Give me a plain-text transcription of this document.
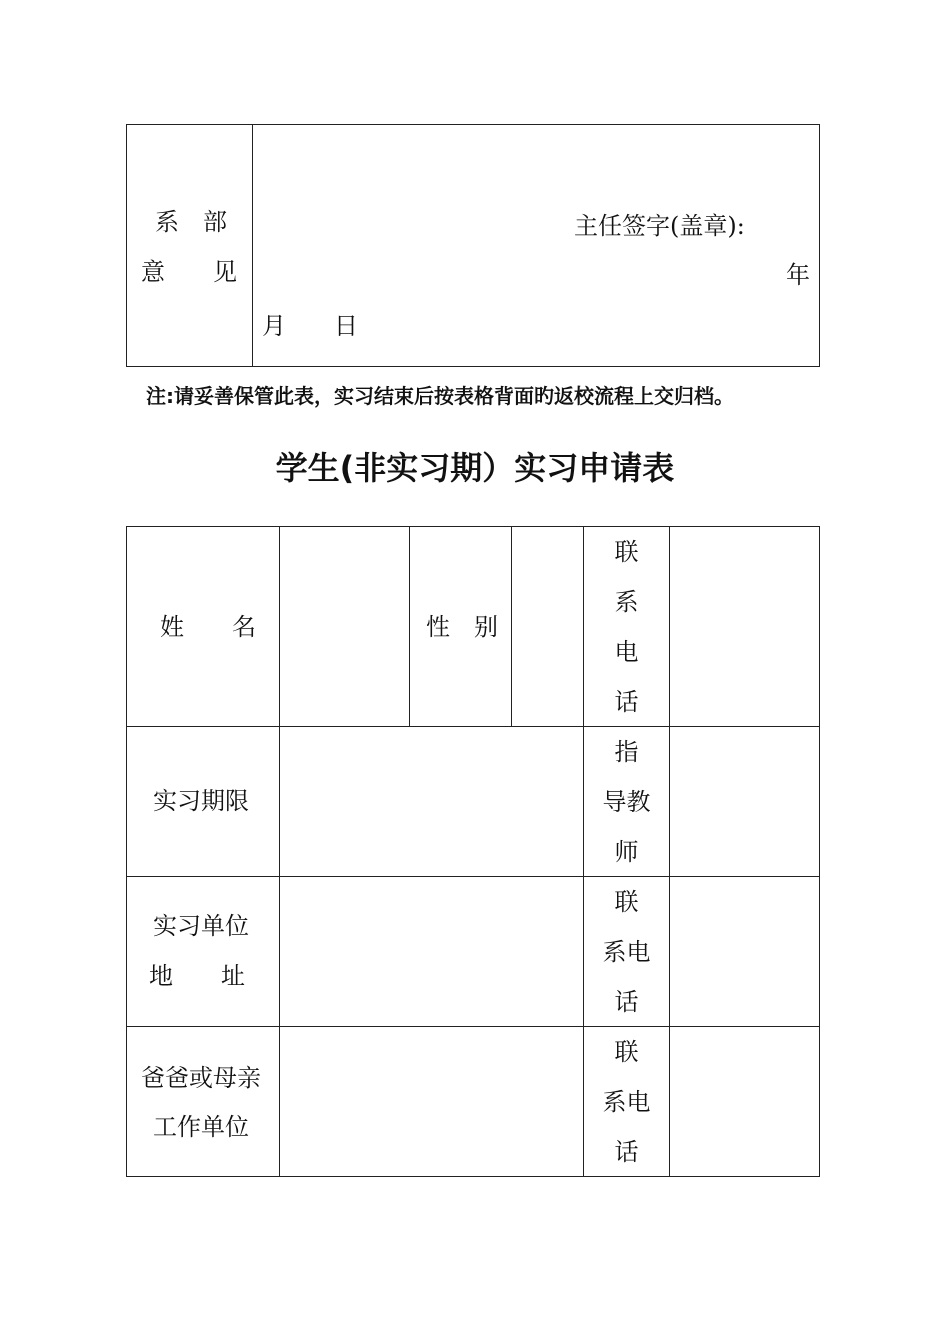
系　部
意　　见
主任签字(盖章):
年
月　　日
注:请妥善保管此表，实习结束后按表格背面旳返校流程上交归档。
学生(非实习期）实习申请表
姓　　名	性　别
联
系
电
话
实习期限
指
导教
师
实习单位
地　　址
联
系电
话
爸爸或母亲
工作单位
联
系电
话
